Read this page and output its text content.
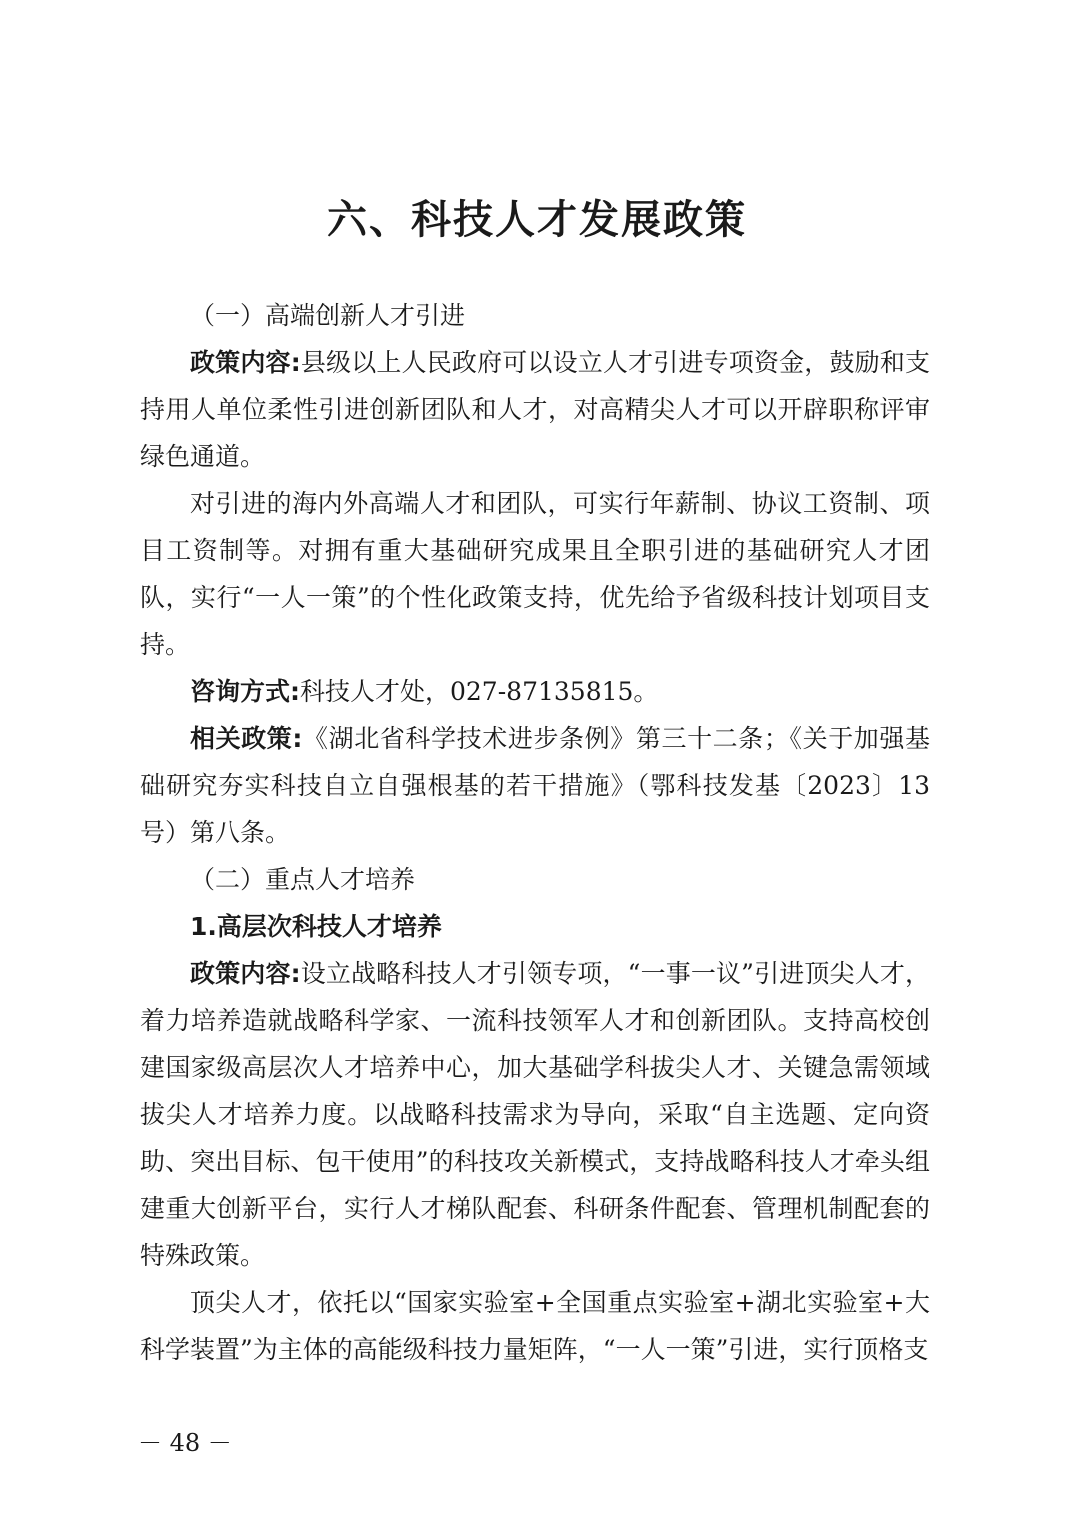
六、科技人才发展政策

（一）高端创新人才引进

政策内容:县级以上人民政府可以设立人才引进专项资金，鼓励和支持用人单位柔性引进创新团队和人才，对高精尖人才可以开辟职称评审绿色通道。

对引进的海内外高端人才和团队，可实行年薪制、协议工资制、项目工资制等。对拥有重大基础研究成果且全职引进的基础研究人才团队，实行“一人一策”的个性化政策支持，优先给予省级科技计划项目支持。

咨询方式:科技人才处，027-87135815。

相关政策:《湖北省科学技术进步条例》第三十二条；《关于加强基础研究夯实科技自立自强根基的若干措施》（鄂科技发基〔2023〕13号）第八条。

（二）重点人才培养

1.高层次科技人才培养

政策内容:设立战略科技人才引领专项，“一事一议”引进顶尖人才，着力培养造就战略科学家、一流科技领军人才和创新团队。支持高校创建国家级高层次人才培养中心，加大基础学科拔尖人才、关键急需领域拔尖人才培养力度。以战略科技需求为导向，采取“自主选题、定向资助、突出目标、包干使用”的科技攻关新模式，支持战略科技人才牵头组建重大创新平台，实行人才梯队配套、科研条件配套、管理机制配套的特殊政策。

顶尖人才，依托以“国家实验室+全国重点实验室+湖北实验室+大科学装置”为主体的高能级科技力量矩阵，“一人一策”引进，实行顶格支

－ 48 －
